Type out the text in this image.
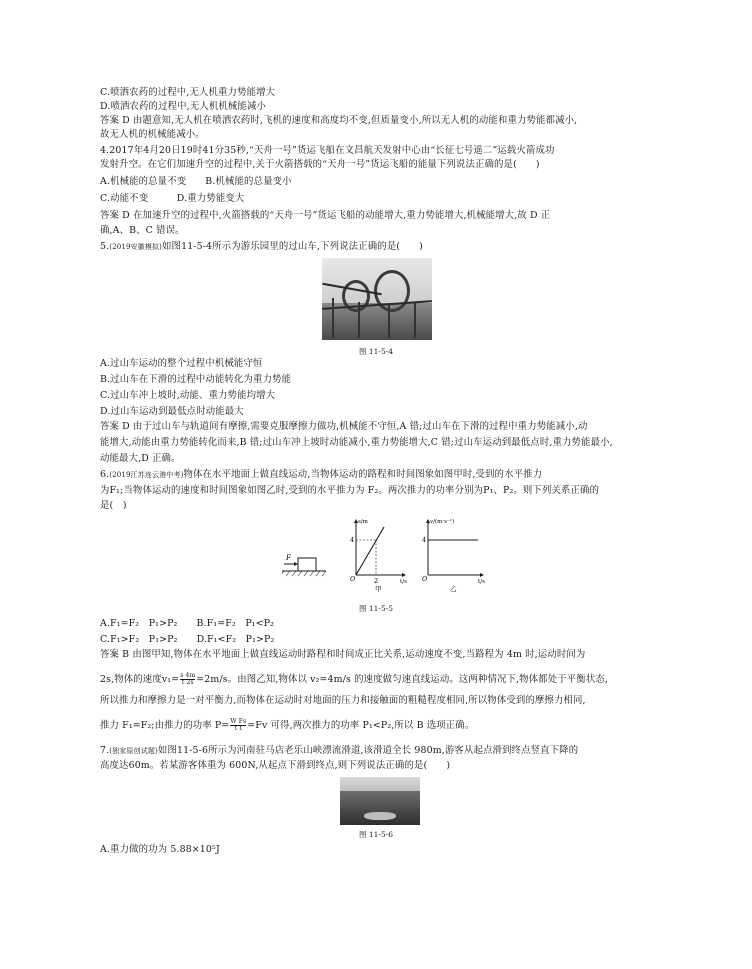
C.喷洒农药的过程中,无人机重力势能增大
D.喷洒农药的过程中,无人机机械能减小
答案 D 由题意知,无人机在喷洒农药时,飞机的速度和高度均不变,但质量变小,所以无人机的动能和重力势能都减小,
故无人机的机械能减小。
4.2017年4月20日19时41分35秒,“天舟一号”货运飞船在文昌航天发射中心由“长征七号遥二”运载火箭成功
发射升空。在它们加速升空的过程中,关于火箭搭载的“天舟一号”货运飞船的能量下列说法正确的是(　　)
A.机械能的总量不变　　B.机械能的总量变小
C.动能不变　　　D.重力势能变大
答案 D 在加速升空的过程中,火箭搭载的“天舟一号”货运飞船的动能增大,重力势能增大,机械能增大,故 D 正
确,A、B、C 错误。
5.(2019安徽模拟)如图11-5-4所示为游乐园里的过山车,下列说法正确的是(　　)
图 11-5-4
A.过山车运动的整个过程中机械能守恒
B.过山车在下滑的过程中动能转化为重力势能
C.过山车冲上坡时,动能、重力势能均增大
D.过山车运动到最低点时动能最大
答案 D 由于过山车与轨道间有摩擦,需要克服摩擦力做功,机械能不守恒,A 错;过山车在下滑的过程中重力势能减小,动
能增大,动能由重力势能转化而来,B 错;过山车冲上坡时动能减小,重力势能增大,C 错;过山车运动到最低点时,重力势能最小,
动能最大,D 正确。
6.(2019江苏连云港中考)物体在水平地面上做直线运动,当物体运动的路程和时间图象如图甲时,受到的水平推力
为F₁;当物体运动的速度和时间图象如图乙时,受到的水平推力为 F₂。两次推力的功率分别为P₁、P₂。则下列关系正确的
是(　)
F
s/m
t/s
4
2
O
甲
v/(m·s⁻¹)
t/s
4
O
乙
图 11-5-5
A.F₁=F₂　P₁>P₂　　B.F₁=F₂　P₁<P₂
C.F₁>F₂　P₁>P₂　　D.F₁<F₂　P₁>P₂
答案 B 由图甲知,物体在水平地面上做直线运动时路程和时间成正比关系,运动速度不变,当路程为 4m 时,运动时间为
2s,物体的速度$v_1= \frac{s 4m}{t 2s}=2m/s$。由图乙知,物体以 v₂=4m/s 的速度做匀速直线运动。这两种情况下,物体都处于平衡状态,
所以推力和摩擦力是一对平衡力,而物体在运动时对地面的压力和接触面的粗糙程度相同,所以物体受到的摩擦力相同,
推力 F₁=F₂;由推力的功率 $P= \frac{\text{W Fs}}{\text{t t}}=Fv$ 可得,两次推力的功率 P₁<P₂,所以 B 选项正确。
7.(独家原创试题)如图11-5-6所示为河南驻马店老乐山峡漂流滑道,该滑道全长 980m,游客从起点滑到终点竖直下降的
高度达60m。若某游客体重为 600N,从起点下滑到终点,则下列说法正确的是(　　)
图 11-5-6
A.重力做的功为 5.88×10⁵J
